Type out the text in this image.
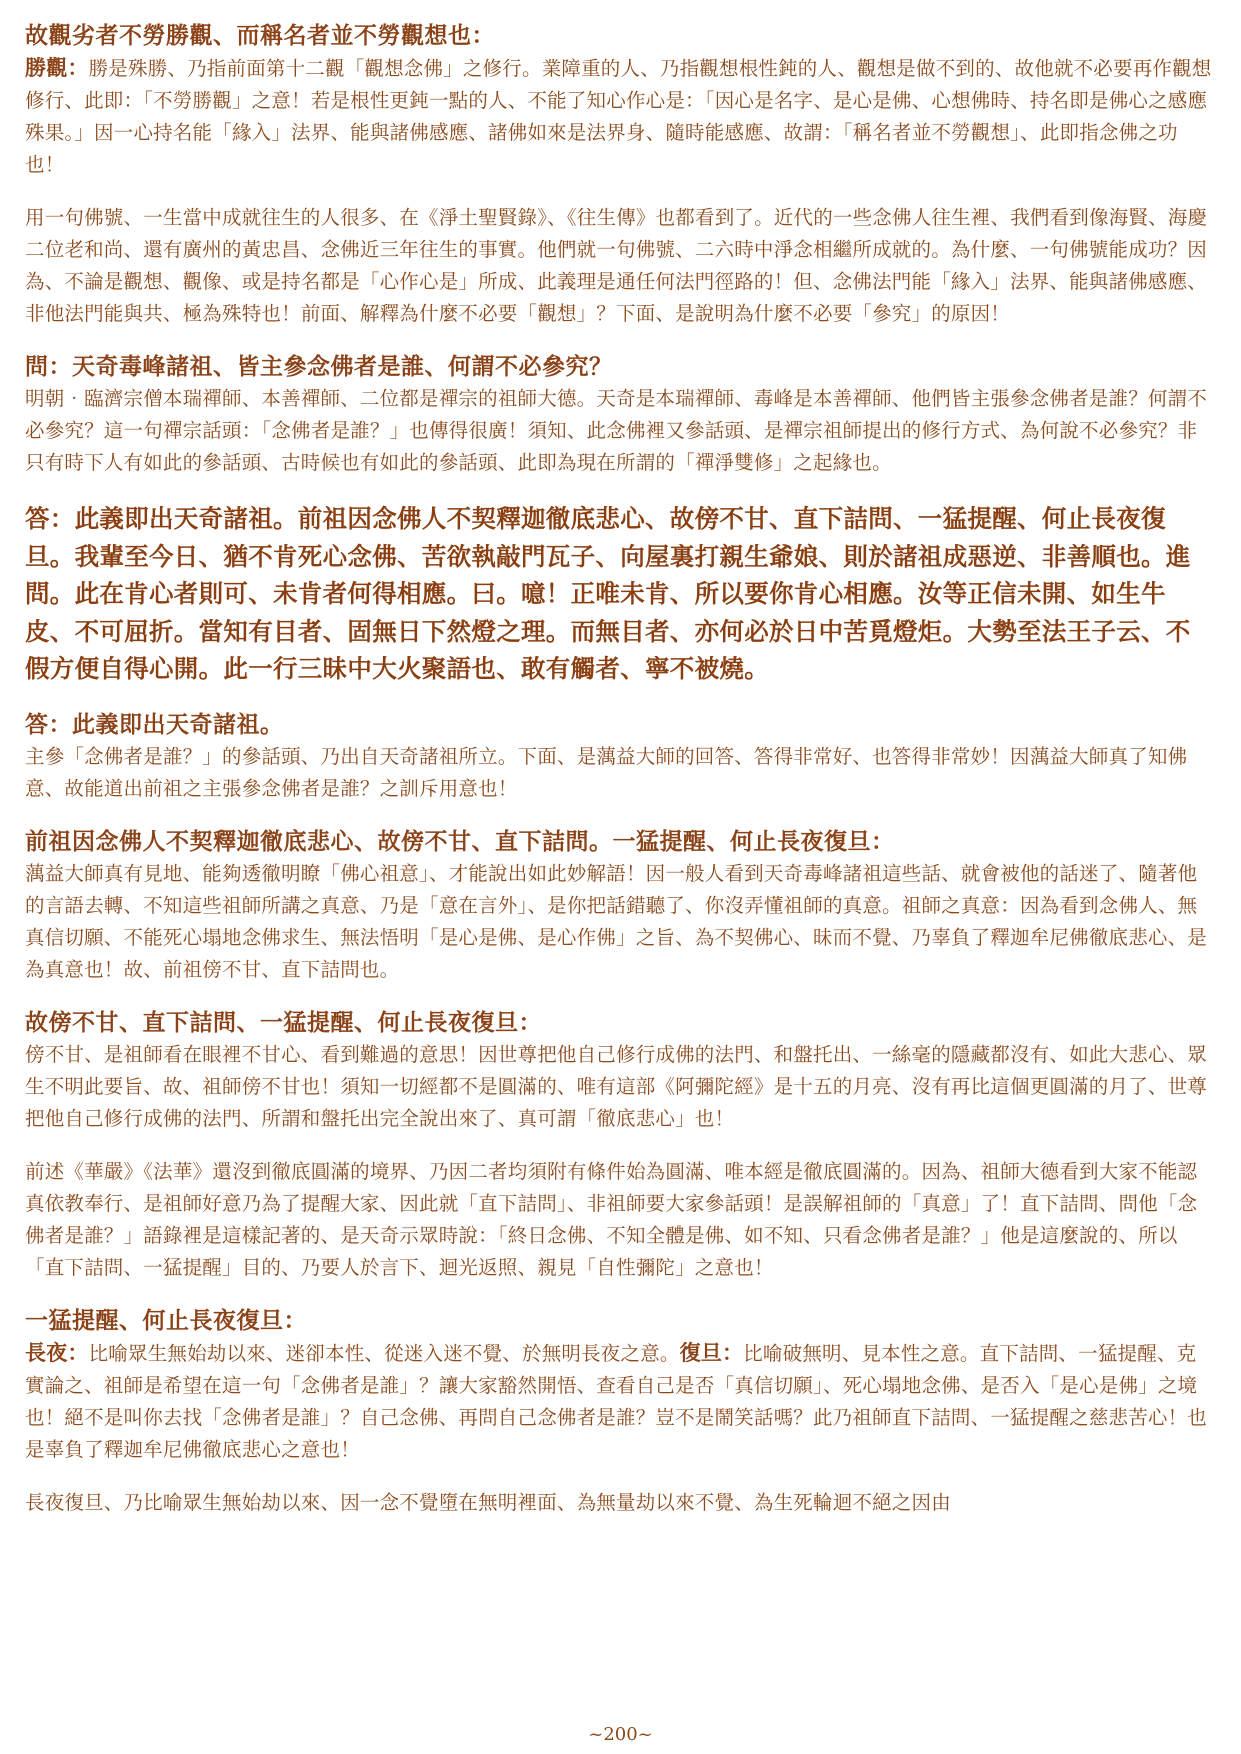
故觀劣者不勞勝觀、而稱名者並不勞觀想也：

勝觀：勝是殊勝、乃指前面第十二觀「觀想念佛」之修行。業障重的人、乃指觀想根性鈍的人、觀想是做不到的、故他就不必要再作觀想修行、此即：「不勞勝觀」之意！若是根性更鈍一點的人、不能了知心作心是：「因心是名字、是心是佛、心想佛時、持名即是佛心之感應殊果。」因一心持名能「緣入」法界、能與諸佛感應、諸佛如來是法界身、隨時能感應、故謂：「稱名者並不勞觀想」、此即指念佛之功也！

用一句佛號、一生當中成就往生的人很多、在《淨土聖賢錄》、《往生傳》也都看到了。近代的一些念佛人往生裡、我們看到像海賢、海慶二位老和尚、還有廣州的黃忠昌、念佛近三年往生的事實。他們就一句佛號、二六時中淨念相繼所成就的。為什麼、一句佛號能成功？因為、不論是觀想、觀像、或是持名都是「心作心是」所成、此義理是通任何法門徑路的！但、念佛法門能「緣入」法界、能與諸佛感應、非他法門能與共、極為殊特也！前面、解釋為什麼不必要「觀想」？下面、是說明為什麼不必要「參究」的原因！

問：天奇毒峰諸祖、皆主參念佛者是誰、何謂不必參究？

明朝‧臨濟宗僧本瑞禪師、本善禪師、二位都是禪宗的祖師大德。天奇是本瑞禪師、毒峰是本善禪師、他們皆主張參念佛者是誰？何謂不必參究？這一句禪宗話頭：「念佛者是誰？」也傳得很廣！須知、此念佛裡又參話頭、是禪宗祖師提出的修行方式、為何說不必參究？非只有時下人有如此的參話頭、古時候也有如此的參話頭、此即為現在所謂的「禪淨雙修」之起緣也。

答：此義即出天奇諸祖。前祖因念佛人不契釋迦徹底悲心、故傍不甘、直下詰問、一猛提醒、何止長夜復旦。我輩至今日、猶不肯死心念佛、苦欲執敲門瓦子、向屋裏打親生爺娘、則於諸祖成惡逆、非善順也。進問。此在肯心者則可、未肯者何得相應。曰。噫！正唯未肯、所以要你肯心相應。汝等正信未開、如生牛皮、不可屈折。當知有目者、固無日下然燈之理。而無目者、亦何必於日中苦覓燈炬。大勢至法王子云、不假方便自得心開。此一行三昧中大火聚語也、敢有觸者、寧不被燒。

答：此義即出天奇諸祖。

主參「念佛者是誰？」的參話頭、乃出自天奇諸祖所立。下面、是蕅益大師的回答、答得非常好、也答得非常妙！因蕅益大師真了知佛意、故能道出前祖之主張參念佛者是誰？之訓斥用意也！

前祖因念佛人不契釋迦徹底悲心、故傍不甘、直下詰問。一猛提醒、何止長夜復旦：

蕅益大師真有見地、能夠透徹明瞭「佛心祖意」、才能說出如此妙解語！因一般人看到天奇毒峰諸祖這些話、就會被他的話迷了、隨著他的言語去轉、不知這些祖師所講之真意、乃是「意在言外」、是你把話錯聽了、你沒弄懂祖師的真意。祖師之真意：因為看到念佛人、無真信切願、不能死心塌地念佛求生、無法悟明「是心是佛、是心作佛」之旨、為不契佛心、昧而不覺、乃辜負了釋迦牟尼佛徹底悲心、是為真意也！故、前祖傍不甘、直下詰問也。

故傍不甘、直下詰問、一猛提醒、何止長夜復旦：

傍不甘、是祖師看在眼裡不甘心、看到難過的意思！因世尊把他自己修行成佛的法門、和盤托出、一絲毫的隱藏都沒有、如此大悲心、眾生不明此要旨、故、祖師傍不甘也！須知一切經都不是圓滿的、唯有這部《阿彌陀經》是十五的月亮、沒有再比這個更圓滿的月了、世尊把他自己修行成佛的法門、所謂和盤托出完全說出來了、真可謂「徹底悲心」也！

前述《華嚴》《法華》還沒到徹底圓滿的境界、乃因二者均須附有條件始為圓滿、唯本經是徹底圓滿的。因為、祖師大德看到大家不能認真依教奉行、是祖師好意乃為了提醒大家、因此就「直下詰問」、非祖師要大家參話頭！是誤解祖師的「真意」了！直下詰問、問他「念佛者是誰？」語錄裡是這樣記著的、是天奇示眾時說：「終日念佛、不知全體是佛、如不知、只看念佛者是誰？」他是這麼說的、所以「直下詰問、一猛提醒」目的、乃要人於言下、迴光返照、親見「自性彌陀」之意也！

一猛提醒、何止長夜復旦：

長夜：比喻眾生無始劫以來、迷卻本性、從迷入迷不覺、於無明長夜之意。復旦：比喻破無明、見本性之意。直下詰問、一猛提醒、克實論之、祖師是希望在這一句「念佛者是誰」？讓大家豁然開悟、查看自己是否「真信切願」、死心塌地念佛、是否入「是心是佛」之境也！絕不是叫你去找「念佛者是誰」？自己念佛、再問自己念佛者是誰？豈不是鬧笑話嗎？此乃祖師直下詰問、一猛提醒之慈悲苦心！也是辜負了釋迦牟尼佛徹底悲心之意也！

長夜復旦、乃比喻眾生無始劫以來、因一念不覺墮在無明裡面、為無量劫以來不覺、為生死輪迴不絕之因由

~200~
